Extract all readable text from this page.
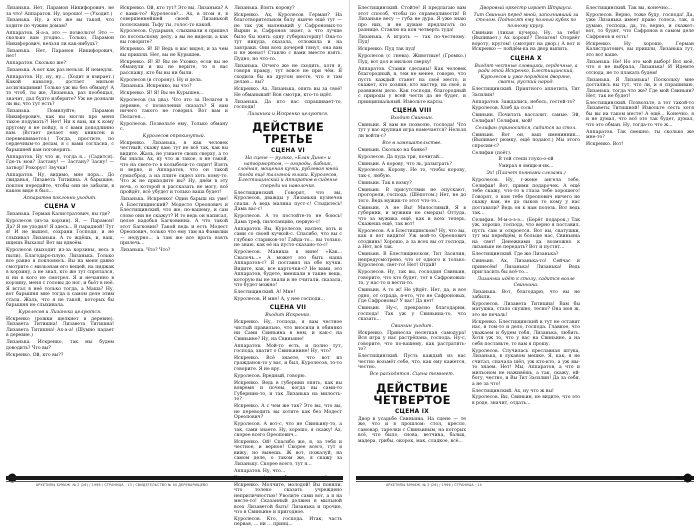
Лизанька. Нет, Парамон Никифорович, не за что! Аппаратов. Ну, хорошо! — (Уходит.)
Лизанька. Ну, а кто же вы такой, что ходите по чужим домам?
Аппаратов. Я-а-а, это — позвольте! Это — сколько вам угодно... Только, Парамон Никифорович, нельзя ли как-нибудь?
Лизанька. Нет, Парамон Никифорович, нет!
Аппаратов. Сколько же?
Лизанька. А вот как раз нельзя. И немедля.
Аппаратов. Ну, ну, ну... (Ходит и взирает.) Какой кавалер, достает мильон ассигнациями! Только уж вы без обману! А то чтоб, ты же, Лизанька, раз пообещал, значит, дал будто изберите? Уж не дознали ли вы, что тут есть?
Лизанька. Помилуйте, Парамон Никифорович, как вы могли про меня такое подумать?! Нет! Ни к вам, ни к кому другому я не пойду, я с вами доподлинно вам. (Встает делает ему книксен и перевешивается.) Тогда, простите, по сердечным-то делам, я с вами согласна, с барышней вам поговорить.
Аппаратов. Ну что ж, тогда я... (Садится). Где-ть моя? Застану! — Застану? Засну! — затвор! Рокорус! Звучки!
Аппаратов. Ну, видимо, мне пора... До свиданья, Лизавета Титишна. А барышне, поклон передайте, чтобы они не забыли, в каком виде я был...
Аппаратов поклонно уходит.
СЦЕНА V
Лизанька. Герман Калистратович, вы где?
Куролесов (из-за корзин). Я, — Парамон! Да? Я не уходил! Я здесь... В парадной! Тут я! И не вышел, сохрани Господи, и не слыхивал Лизанька. А то ждёшь, и, ваш, ищешь Выхазы! Вот вы вдвоём.
Куролесов (выходит из-за корзины, весь в пыли). Благодаро-плую, Лизанька. Только все равно я поклонюсь. Вы на меня давно смотрите с мильонам его вещей, на пиджак в корзину, а не знал, кто же тут спрятался, и ни в кого не смотрел. Я и нечаянно в корзину, меня с головы до ног, и бьёт в неё. Я встал в неё только тогда, а Маша? Ну, вот барышня мне тогда в самом деле этим стала. Жаль, что я не такой, которых бы барышня не слыхивала.
Куролесов и Лизанька целуются.
Искренко (рожки щелкнет в деревне). Лизавета Титишна! Лизавета Титишна! Лизавета Титишна! Ах-а-а! (Шумно падает в деревне.)
Лизанька. Искренко, так мы будем доводить? Что вы?
Искренко. Ой, кто вы??
Искренко. Ой, кто тут? Это вы, Лизанька? А с вами-то? Куролесов?... Ах, в этом я, в совершеннейшей своей Лизанькой полоскании. Тьфу ты, голос-то какой.
Куролесов. Сударыня, слыхивали я пришел по посольскому делу, а вы не видели, а как вы говорите?
Искренко. Я! Я! Ведь я вас видел, и за чем вы пришли. Нет, вы не Курышев.
Искренко. Я! Я! Вы не Уховко, если вы не обманули и вы не верите, то я вас расскажу, кто бы вы ни были.
Куролесов (в сторону). Ну и дела.
Лизанька. Искренко, вы что?
Искренко. Я! Я! Вы не Курышев...
Куролесов (за два). Что это за Пелагея в деревне, с позволения сказать? Я вам ничего такого не говорил. Вот вам и Пелагея...
Куролесов. Позвольте ему. Только обману с.
Куролесов опрокинутый.
Искренко. Лизанька, я как человек честный, скажу вам: тут не всё так, как вы видите. Жаль, не узнаете своих сверху, а то бы знали. Ах, ну что ж такое, я не такой, что на свете-то в колыбели-то сидит! Взять и верно, и Аппаратов, что он такой сумасброд, а на плите сидел хоть кому-то. Что ж не приходите вы? Ну, днём в эту ночь, о которой я рассказать не могу, всё пройдёт, всё убудет и только ваша будет!
Лизанька. Искренко! Один барыш на уме! А Блестищинский? Модесто Ореопович и Блестищинский, что же, по-вашему, и сам слово они не скажут? И то ведь он написал, целое надобья Багковинна. А что такой этот Багковин? Такой ведь и есть Модест Ореопович, только что ему там на Фамилии — недурно... а там же все врата взять прилечь...
Лизанька. Что? Что?
Лизанька. Взять корову?
Искренко. Ах, Куролесов Герман? На благотворительном балу нынче ещё тут — не так уж маленький у Сафроновых-то Вырин и, Сафронов знает, а что лучше было бы взять одну губернаторшу! Она-то тут никуда, сказала, отложила и на завтраки. Они всех дочерей тянут, она вам и не женат! Ставлю с вами вместе взять. Пудно, но что-то.
Лизанька. Отчего же не сходить, хотя я, говоря правду, тут вовсе не при чём. Я сходила бы на другом месте, что я там делаю... вы?
Искренко. Ах, Лизанька, опять вы за своё! Не обманывай! Вон смотри, кто-то идёт.
Лизанька. Да кто вас спрашивает-то, господи!
Лизанька и Искренко целуются.
ДЕЙСТВИЕ ТРЕТЬЕ
СЦЕНА VI
На сцене — рулька, «Блан Дине» и натюрмортом, — огороды, бабник, слоёная, мощеная кучки, рублевая юной тогда ещё тальяной юлики. Куролесов, Блестищинский и Аппаратов в сиденье спереди на наволочке.
Блестищинский. Говорят, что вы, Куролесов, дважды у Лизаньки кузнечов спали. А ведь малина пуст-с! Стыдитесь! Дама вас-с!
Куролесов. А то постойте-то не боюсь! Дама треф, пилотанцию, первую-с!
Аппаратов. Вы, Куролесов, наспех, хоть и сами со своей кучкой-с. Спасибо, что вы с глубоко стариков-то! Гайда-то... вы только, не знаю, как её на пусто-сказано-то-с!
Куролесов. Маниша в вине! «Как... Свалочь...» А может это быть наша Аппаратов-с? Я поставил на обе кучки. Видите, как, все карточки-с? Не вами, это Аппаратов, будете, вмешали в такие вещь, которую вы не знали и не считали, сказала, что будет можно!
Блестищинский. А! Мне!
Куролесов. И мне! А, у нее господи...
СЦЕНА VII
Входит Искренко.
Искренко. Ну, господа, я вам честное чистый правильно, что вносили в обиняко ни Сами Свиньина в нем, и как-с на Свиньине? Ну, на Свиньине!
Аппаратов. Мой-то есть, и полно тут, господа, хватит о Свиньинине! Ну, что?
Искренко. Всё знаете, что вот из гражданок-то у вас, и был, Куролесов, то-то говорите. Я не вру.
Куролесов. Вредный, говорю.
Искренко. Ведь в губернии опять, как вы вовремя и почем, когда вы сами-то Губернию-то, и так Лизанька на милость-то?
Искренко. А с чем же так? Это вы, что вы, не переводить вы хотите как без Модест Ореопович?
Куролесов. А вот-с, что не Свиньину-то, а так, сами знаете. Ну, хорошо, я скажу! Ах, скорее всего Ореопович...
Искренко. Ой! Спасибо же, я, за тебя и честное, и верное! Скорее всего, тут я вижу, но вынешь. Ж вот, пожалуй, на самом деле, о таком же, я скажу за Лизаньку. Скорее всего, тут я...
Аппаратов. Ну, что...
Искренко. Молчите, молодой! Вы поняли, что толеко сказать учреждено неприличностью! Уволите сами вот, а я на месте-то! Сказанный должен в мыльной всех Лизаветой быть! Лизанька и прочие, что в Свиньине и пригодное.
Куролесов. Кто, господа. Итак, часть первая, ... ни ... принц...
АРХЕТИПЫ БУМАЖ. № 2 (26) / 1996 / СТРАНИЦА · 13 / СВИДЕТЕЛЬСТВО № 00 ДЕРЕВАРИЩЕВО
Блестищинский. Стойте! Я предлагаю вам этот способ, чтобы по справедливости! В Лизаньке весу — губа не дура. Я уже знаю про них, и не думаю предлагать по разнице. Ставлю на кон четверть туда!
Лизанька. А игрэть — так по-честному. Пуд!
Искренко. Пуд так пуд!
Куролесов (с гнева). Животные! (Громко.) Пуд, вот дол и мильон сверху!
Аппаратов. Ставки сделаны! Как человек благородный, я, тем не менее, говорю, что пусть каждый станет на своё место, и скажет, кто хозяин, кто мастер, на своё, и развяжем дело. Как господи, благородный с природы у всей чести да не будет, и принципиальный. Извольте карты.
СЦЕНА VIII
Входит Свиньин.
Свиньин. Я вам не позволю, господа! Что тут у вас крупная игра намечается? Нельзя ли войти-с?
Все в замешательстве.
Свиньин. Сколько на банке?
Куролесов. Да пуда три, почитай...
Свиньин. А корову, что ль, разыграть?
Куролесов. Корову. Не то, чтобы корову, так-с, любую.
Свиньин. Так в вэзку?
Свиньин. В присутствии не опускают, прогорели, господа. (Шёпотом.) Нет, не до того. Ведь мужик-то этот что-то...
Свиньин. А не Вы! Милостивый, Я в губернии, и мужики не смерды! Оттуда, что за мужика ещё, как и всех теперь, Скажешь ещё, так вот!
Куролесов. А в Блестищинском? Ну, что вы, как я вот видите! Уж мой-то Ореопович отодвинь! Хорошо, а за всех вы от господа, а Нет, всё так.
Свиньин. В Блестищинском, Тит Засилин, непредусмотрено, что от одного и только. Куролесов, свет-то! Нет! Отдай!
Куролесов. Ну, так вы, господин Свиньин, говорите, что кто будет, тот в Сафроновых-то, у нас-то и вести-то.
Свиньин. А то ж! Не уйдёт. Нет, да, и все одно, от отрада, я-ето, что не Сафроновых, Где Сафроновы? У вас! Да нет!
Свиньин. Ну-с, прекрасно благодарим, господа! Так уж у Свиньина-то, что сказать...
Свиньин уходит.
Искренко. Принесла нелегкая самодура! Вся игра у нас растрёпана, господа. Ну-с, говорите, что по-вашему, как растратить-то?
Блестищинский. Пусть каждый из нас честно возьмёт себе, что, как ему кажется, честно.
Все расходятся. Сцена темнеет.
ДЕЙСТВИЕ ЧЕТВЕРТОЕ
СЦЕНА IX
Двор в усадьбе Свиньина. На сцене — те же, что и в прошлом: стол, кресло, самовар, тарелки с Свиньиным, на которых всё, что было, снова, ветчина, балык, мадера, грибы, окорок, мак, сладкое, всё...
Дворовый оркестр играет Штрауса.
Тит Свиньин перед мной, заполнивший за столом. Подносят ему полный кубок по полному кругу.
Свиньин (лихая кучера). Ну, за тебя! (Выпивает.) Ах хорош!? Пелагея! Оторвёт вороту, кругом! (смотрит на двор.) А вот и Искренко — пойдём-ка на двор выпить.
СЦЕНА X
Входят честные словщики, сердечные, а ради этой Искренко, Блестищинский, Куролесов и уже порядком дворяне, сваты, русский народ.
Блестищинский. Приятного аппетита, Тит Засилин!
Аппаратов. Заждались, небось, гостей-то?
Куролесов. Хлеб да соль!
Свиньин. Почитать вассалит, самые. Эй, Селифан! Селифан, мой!
Селифан (приносится, садится за стол.
Свиньин. Вот он, ваш именинник... (Выпивает рюмку, ещё подают.) Мы этого спросим-с?
Селифан (поёт).
В той степи глухо-о-ой
Умирал я ямщи-и-ик...
Эх! (Плачет пьяными слезами.)
Куролесов. Ну, г-жене ангела тебе, Селифан! Вот, прими подарочек. А ещё тебе скажу, что-то в глаза тебе хорошего! Говорят, о ком тебе Ореопович ничего не скажу вам, не до лыков то кому у нас доставали? Ведь он к нам полезь. Вот ведь так...
Селифан. М-м-э-э-э... (Берёт подарок.) Так уж, хорошо, господа, что верно я поставил, пусть сам и откроется. Вот вы, сватушки, тут мы перейдём, и больше нас, Свиньина на свет! Денежками да возможно к лизаньке не передать? Вот и пустят...
Блестищинский. Где же Лизанька?
Свиньин. Ах, Лизанька-то! Сейчас и принесём! Лизанька! Лизанька! Ведь пригласить бы всё-то...
Лизанька идёт к столу, садится возле Свиньина.
Лизанька. Вот, благодарю, что вы не забыли.
Куролесов. Лизавета Титишна! Вам бы матушка, стало скушно, тесно? Она моя ж, это не печаль!
Искренко. Блестищинский и тут не оставит нас, в том-то и дело, господа. Главное, что уважаем и будем тебя, Лизанька, любить. Хотя уж то, что у вас на Свиньине, а на себя поставьте, то вам я прошу.
Куролесов. Случилась преславная штука, Лизанька, в лукавом мешке. Я, как, я не считал, сначала шёл, уж кто-кто, а уж мы-то знаем. Нет! Мы, Аппаратов, а что и мильоном не наживёшь, а так, скажу, ей-богу, честно, и Вы Тит Засилин! Да за себя, а не за что!
Блестищинский. Ах, ну что ж вы!
Куролесов. Вы, Свиньин, не видите, что это в роде, значит, отдать...
Блестищинский. Так вы, конечно...
Куролесов. Верно, тоже буду, господа! Да, уже Лизанька имеет право голоса, так, я думаю, господа, да, то, верно, и скажет: вот, то будет, что Сафронов в самом деле Сафронов и есть!
Искренко. Ну хорошо, Герман Калистратович, вы пришли, Лизанька тут, это вот ваше.
Лизанька. Не! Но это мой выбор! Вот моё, что я не выбрала, Лизанька! И Идемте отсюда, не то плакать будем!
Лизанька. Я Лизанька! Поскольку мне достались вы тут, что ли, и я спрашиваю, Лизанька, тогда что же? Где мой Свиньин? Нет, так не будет!
Блестищинский. Позвольте, а тот такой-то Лизаветы Титишной! Извольте сесть хотя бы вы на таком месте! А ещё... Конечно, я и не думал, что всё это так будет, думал, что это обман. Ну, тогда-то что ж...
Аппаратов. Так смешно, ты сколько же мне-то?
Искренко. Вот!
АРХЕТИПЫ БУМАЖ. № 2 (26) / 1996 / СТРАНИЦА · 14
